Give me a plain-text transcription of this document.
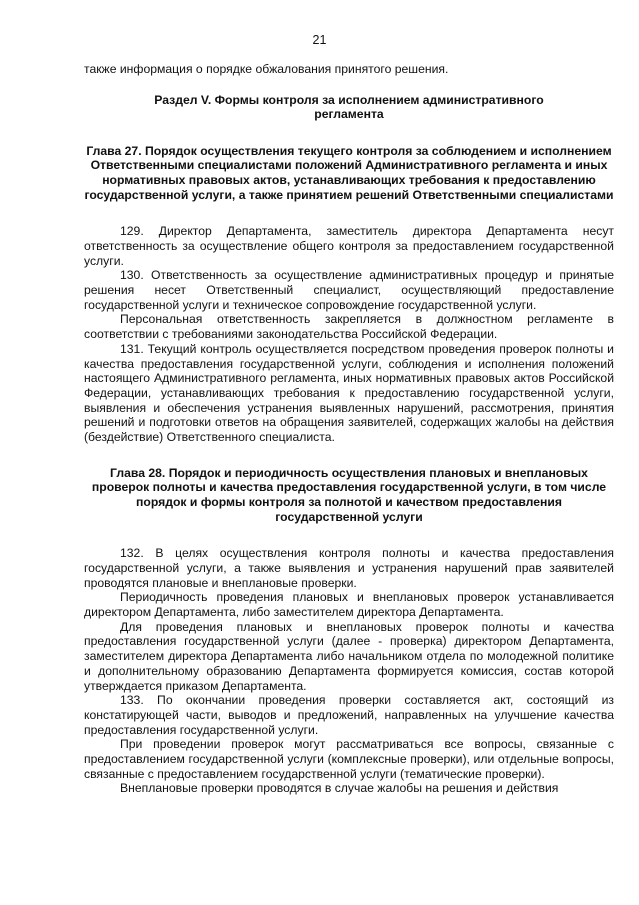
21

также информация о порядке обжалования принятого решения.

Раздел V. Формы контроля за исполнением административного регламента

Глава 27. Порядок осуществления текущего контроля за соблюдением и исполнением Ответственными специалистами положений Административного регламента и иных нормативных правовых актов, устанавливающих требования к предоставлению государственной услуги, а также принятием решений Ответственными специалистами

129. Директор Департамента, заместитель директора Департамента несут ответственность за осуществление общего контроля за предоставлением государственной услуги.

130. Ответственность за осуществление административных процедур и принятые решения несет Ответственный специалист, осуществляющий предоставление государственной услуги и техническое сопровождение государственной услуги.

Персональная ответственность закрепляется в должностном регламенте в соответствии с требованиями законодательства Российской Федерации.

131. Текущий контроль осуществляется посредством проведения проверок полноты и качества предоставления государственной услуги, соблюдения и исполнения положений настоящего Административного регламента, иных нормативных правовых актов Российской Федерации, устанавливающих требования к предоставлению государственной услуги, выявления и обеспечения устранения выявленных нарушений, рассмотрения, принятия решений и подготовки ответов на обращения заявителей, содержащих жалобы на действия (бездействие) Ответственного специалиста.

Глава 28. Порядок и периодичность осуществления плановых и внеплановых проверок полноты и качества предоставления государственной услуги, в том числе порядок и формы контроля за полнотой и качеством предоставления государственной услуги

132. В целях осуществления контроля полноты и качества предоставления государственной услуги, а также выявления и устранения нарушений прав заявителей проводятся плановые и внеплановые проверки.

Периодичность проведения плановых и внеплановых проверок устанавливается директором Департамента, либо заместителем директора Департамента.

Для проведения плановых и внеплановых проверок полноты и качества предоставления государственной услуги (далее - проверка) директором Департамента, заместителем директора Департамента либо начальником отдела по молодежной политике и дополнительному образованию Департамента формируется комиссия, состав которой утверждается приказом Департамента.

133. По окончании проведения проверки составляется акт, состоящий из констатирующей части, выводов и предложений, направленных на улучшение качества предоставления государственной услуги.

При проведении проверок могут рассматриваться все вопросы, связанные с предоставлением государственной услуги (комплексные проверки), или отдельные вопросы, связанные с предоставлением государственной услуги (тематические проверки).

Внеплановые проверки проводятся в случае жалобы на решения и действия
